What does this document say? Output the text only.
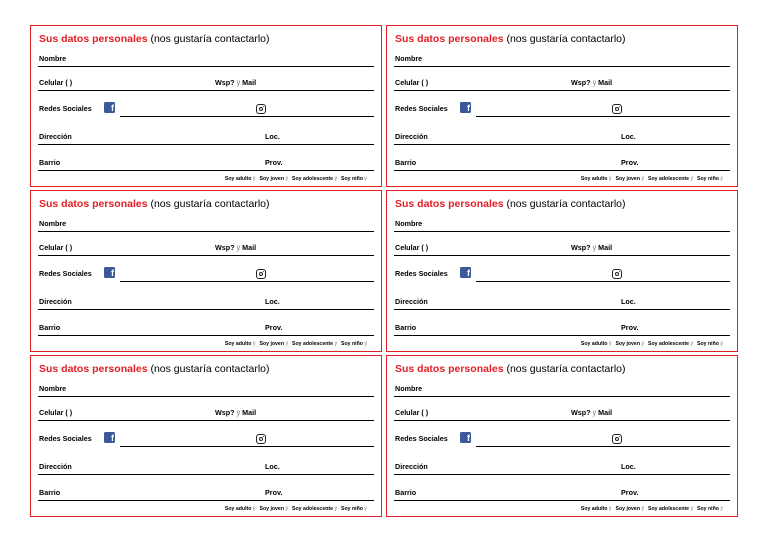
Sus datos personales (nos gustaría contactarlo)
Nombre
Celular ( )	Wsp? ÿ Mail
Redes Sociales	f
Dirección	Loc.
Barrio	Prov.
Soy adulto ÿ Soy joven ÿ Soy adolescente ÿ Soy niño ÿ
Sus datos personales (nos gustaría contactarlo)
Nombre
Celular ( )	Wsp? ÿ Mail
Redes Sociales	f
Dirección	Loc.
Barrio	Prov.
Soy adulto ÿ Soy joven ÿ Soy adolescente ÿ Soy niño ÿ
Sus datos personales (nos gustaría contactarlo)
Nombre
Celular ( )	Wsp? ÿ Mail
Redes Sociales	f
Dirección	Loc.
Barrio	Prov.
Soy adulto ÿ Soy joven ÿ Soy adolescente ÿ Soy niño ÿ
Sus datos personales (nos gustaría contactarlo)
Nombre
Celular ( )	Wsp? ÿ Mail
Redes Sociales	f
Dirección	Loc.
Barrio	Prov.
Soy adulto ÿ Soy joven ÿ Soy adolescente ÿ Soy niño ÿ
Sus datos personales (nos gustaría contactarlo)
Nombre
Celular ( )	Wsp? ÿ Mail
Redes Sociales	f
Dirección	Loc.
Barrio	Prov.
Soy adulto ÿ Soy joven ÿ Soy adolescente ÿ Soy niño ÿ
Sus datos personales (nos gustaría contactarlo)
Nombre
Celular ( )	Wsp? ÿ Mail
Redes Sociales	f
Dirección	Loc.
Barrio	Prov.
Soy adulto ÿ Soy joven ÿ Soy adolescente ÿ Soy niño ÿ
